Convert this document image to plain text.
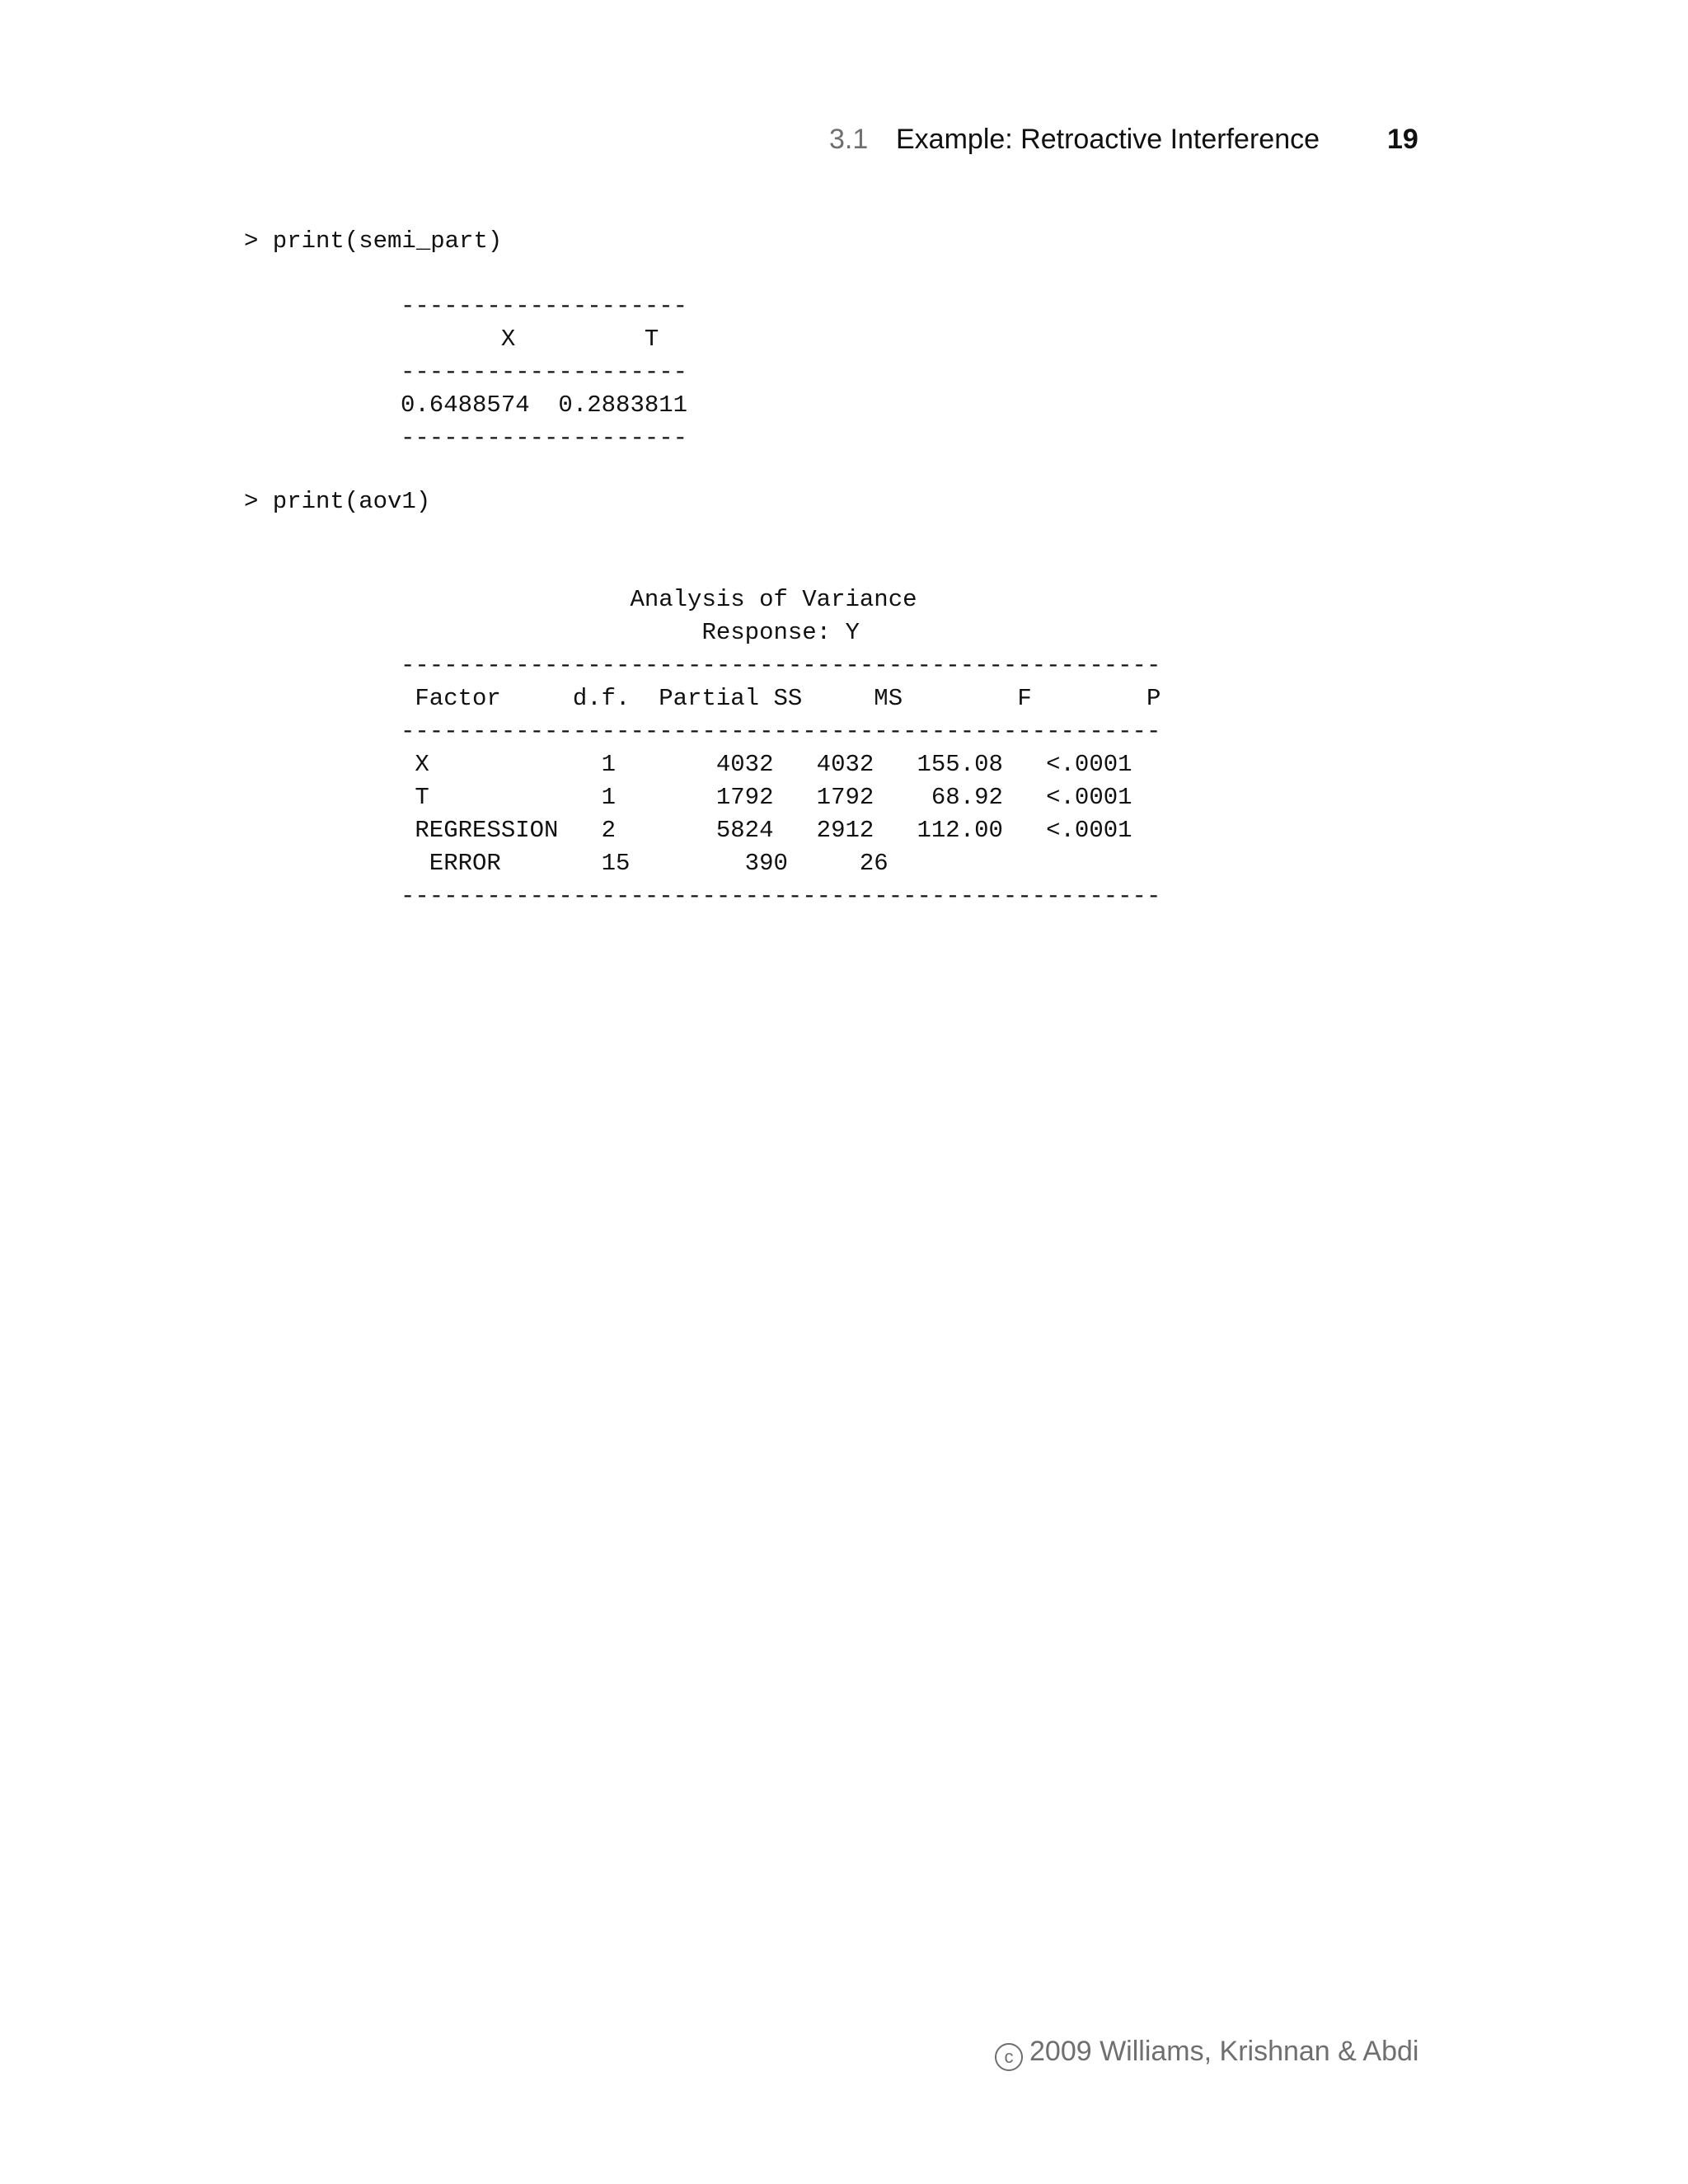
3.1 Example: Retroactive Interference 19
> print(semi_part)
--------------------
X         T
--------------------
0.6488574  0.2883811
--------------------
> print(aov1)
Analysis of Variance
Response: Y
-----------------------------------------------------
Factor     d.f.  Partial SS     MS        F        P
-----------------------------------------------------
X            1       4032   4032   155.08   <.0001
T            1       1792   1792    68.92   <.0001
REGRESSION   2       5824   2912   112.00   <.0001
ERROR       15        390     26
-----------------------------------------------------
c 2009 Williams, Krishnan & Abdi
